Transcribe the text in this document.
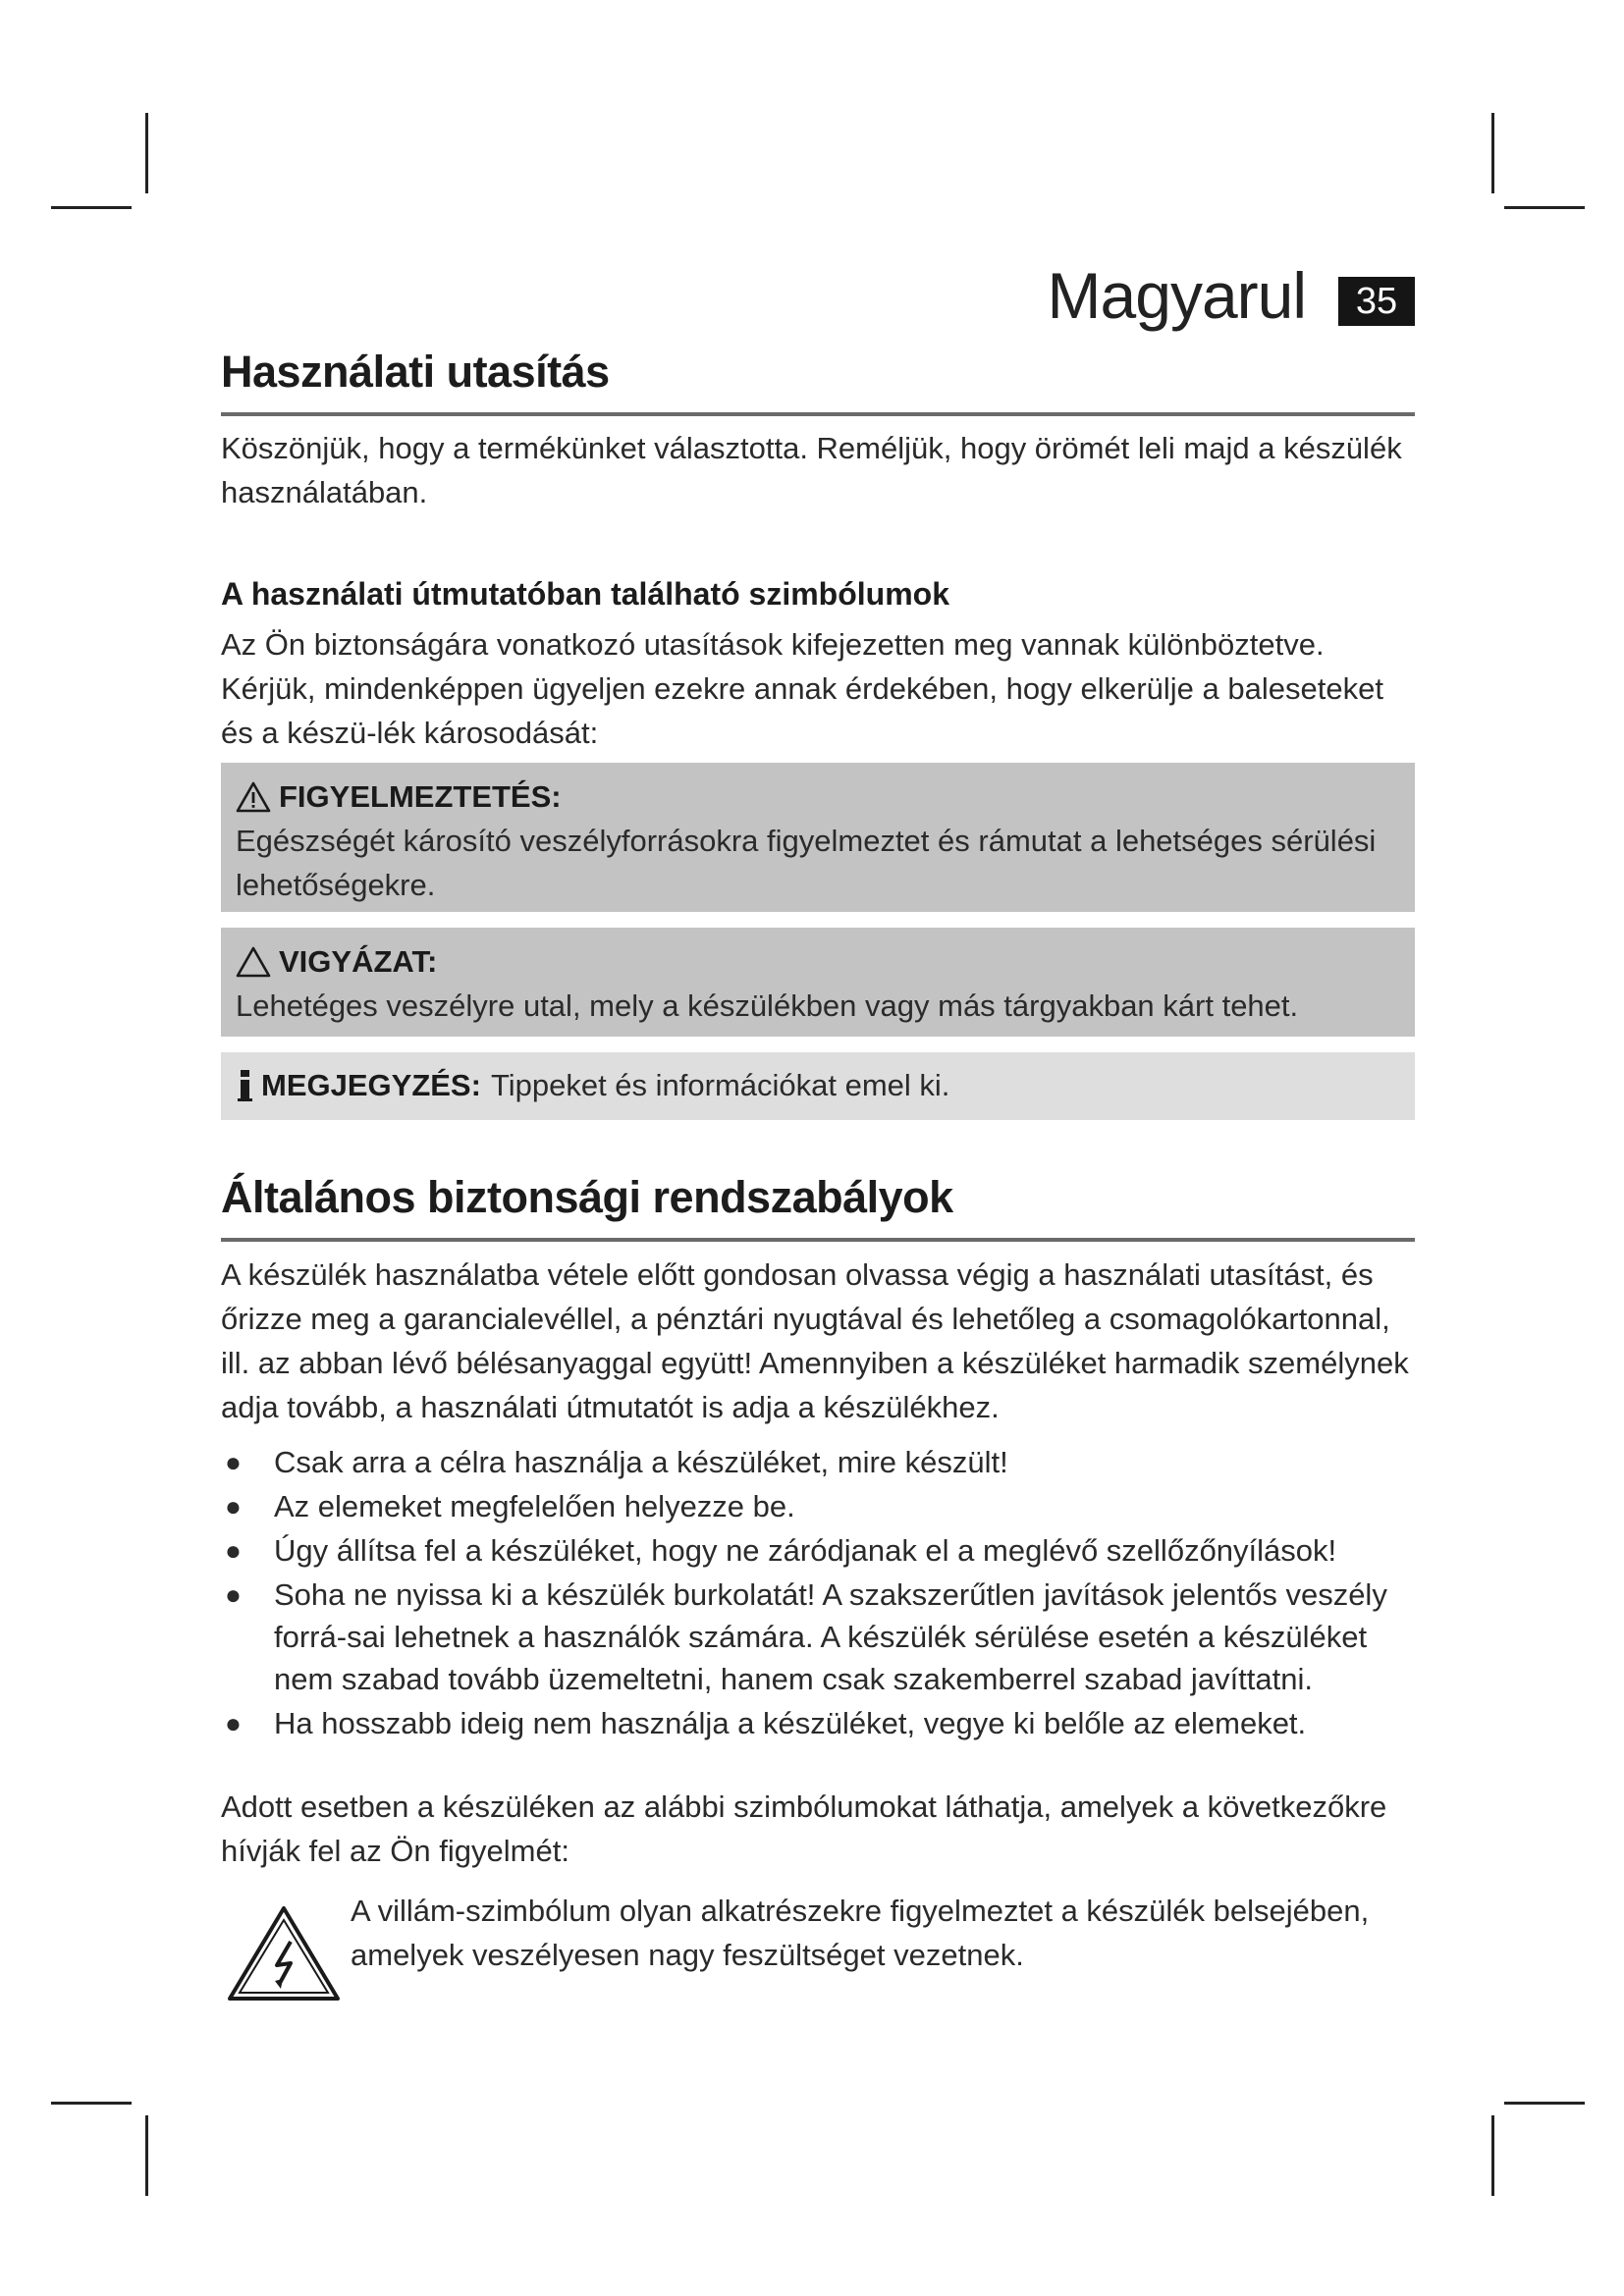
Magyarul	35
Használati utasítás

Köszönjük, hogy a termékünket választotta. Reméljük, hogy örömét leli majd a készülék használatában.

A használati útmutatóban található szimbólumok

Az Ön biztonságára vonatkozó utasítások kifejezetten meg vannak különböztetve. Kérjük, mindenképpen ügyeljen ezekre annak érdekében, hogy elkerülje a baleseteket és a készü-lék károsodását:

FIGYELMEZTETÉS:
Egészségét károsító veszélyforrásokra figyelmeztet és rámutat a lehetséges sérülési lehetőségekre.
VIGYÁZAT:
Lehetéges veszélyre utal, mely a készülékben vagy más tárgyakban kárt tehet.
MEGJEGYZÉS: Tippeket és információkat emel ki.
Általános biztonsági rendszabályok

A készülék használatba vétele előtt gondosan olvassa végig a használati utasítást, és őrizze meg a garancialevéllel, a pénztári nyugtával és lehetőleg a csomagolókartonnal, ill. az abban lévő bélésanyaggal együtt! Amennyiben a készüléket harmadik személynek adja tovább, a használati útmutatót is adja a készülékhez.

● Csak arra a célra használja a készüléket, mire készült!
● Az elemeket megfelelően helyezze be.
● Úgy állítsa fel a készüléket, hogy ne záródjanak el a meglévő szellőzőnyílások!
● Soha ne nyissa ki a készülék burkolatát! A szakszerűtlen javítások jelentős veszély forrá-sai lehetnek a használók számára. A készülék sérülése esetén a készüléket nem szabad tovább üzemeltetni, hanem csak szakemberrel szabad javíttatni.
● Ha hosszabb ideig nem használja a készüléket, vegye ki belőle az elemeket.

Adott esetben a készüléken az alábbi szimbólumokat láthatja, amelyek a következőkre hívják fel az Ön figyelmét:

A villám-szimbólum olyan alkatrészekre figyelmeztet a készülék belsejében, amelyek veszélyesen nagy feszültséget vezetnek.
